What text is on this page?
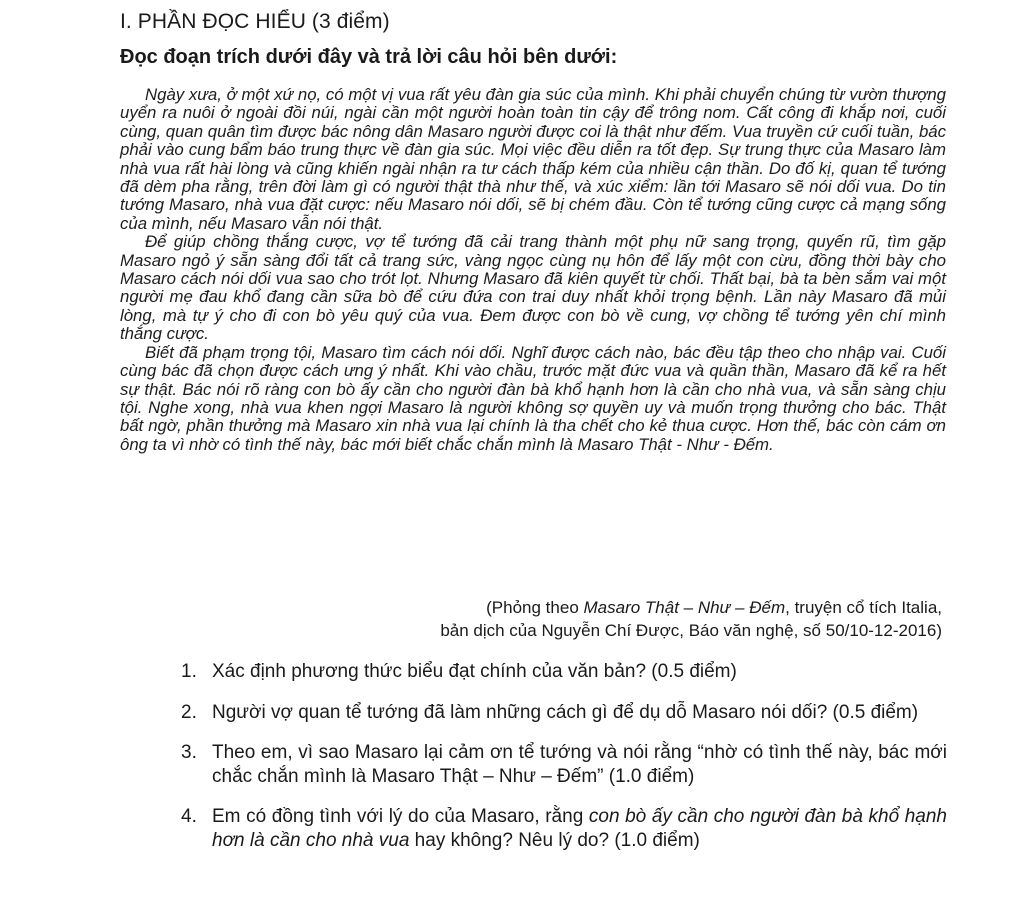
I. PHẦN ĐỌC HIỂU (3 điểm)
Đọc đoạn trích dưới đây và trả lời câu hỏi bên dưới:

Ngày xưa, ở một xứ nọ, có một vị vua rất yêu đàn gia súc của mình. Khi phải chuyển chúng từ vườn thượng uyển ra nuôi ở ngoài đồi núi, ngài cần một người hoàn toàn tin cậy để trông nom. Cất công đi khắp nơi, cuối cùng, quan quân tìm được bác nông dân Masaro người được coi là thật như đếm. Vua truyền cứ cuối tuần, bác phải vào cung bẩm báo trung thực về đàn gia súc. Mọi việc đều diễn ra tốt đẹp. Sự trung thực của Masaro làm nhà vua rất hài lòng và cũng khiến ngài nhận ra tư cách thấp kém của nhiều cận thần. Do đố kị, quan tể tướng đã dèm pha rằng, trên đời làm gì có người thật thà như thế, và xúc xiểm: lần tới Masaro sẽ nói dối vua. Do tin tướng Masaro, nhà vua đặt cược: nếu Masaro nói dối, sẽ bị chém đầu. Còn tể tướng cũng cược cả mạng sống của mình, nếu Masaro vẫn nói thật.

Để giúp chồng thắng cược, vợ tể tướng đã cải trang thành một phụ nữ sang trọng, quyến rũ, tìm gặp Masaro ngỏ ý sẵn sàng đổi tất cả trang sức, vàng ngọc cùng nụ hôn để lấy một con cừu, đồng thời bày cho Masaro cách nói dối vua sao cho trót lọt. Nhưng Masaro đã kiên quyết từ chối. Thất bại, bà ta bèn sắm vai một người mẹ đau khổ đang cần sữa bò để cứu đứa con trai duy nhất khỏi trọng bệnh. Lần này Masaro đã mủi lòng, mà tự ý cho đi con bò yêu quý của vua. Đem được con bò về cung, vợ chồng tể tướng yên chí mình thắng cược.

Biết đã phạm trọng tội, Masaro tìm cách nói dối. Nghĩ được cách nào, bác đều tập theo cho nhập vai. Cuối cùng bác đã chọn được cách ưng ý nhất. Khi vào chầu, trước mặt đức vua và quần thần, Masaro đã kể ra hết sự thật. Bác nói rõ ràng con bò ấy cần cho người đàn bà khổ hạnh hơn là cần cho nhà vua, và sẵn sàng chịu tội. Nghe xong, nhà vua khen ngợi Masaro là người không sợ quyền uy và muốn trọng thưởng cho bác. Thật bất ngờ, phần thưởng mà Masaro xin nhà vua lại chính là tha chết cho kẻ thua cược. Hơn thế, bác còn cám ơn ông ta vì nhờ có tình thế này, bác mới biết chắc chắn mình là Masaro Thật - Như - Đếm.

(Phỏng theo Masaro Thật – Như – Đếm, truyện cổ tích Italia,
bản dịch của Nguyễn Chí Được, Báo văn nghệ, số 50/10-12-2016)
1. Xác định phương thức biểu đạt chính của văn bản? (0.5 điểm)
2. Người vợ quan tể tướng đã làm những cách gì để dụ dỗ Masaro nói dối? (0.5 điểm)
3. Theo em, vì sao Masaro lại cảm ơn tể tướng và nói rằng “nhờ có tình thế này, bác mới chắc chắn mình là Masaro Thật – Như – Đếm” (1.0 điểm)
4. Em có đồng tình với lý do của Masaro, rằng con bò ấy cần cho người đàn bà khổ hạnh hơn là cần cho nhà vua hay không? Nêu lý do? (1.0 điểm)
